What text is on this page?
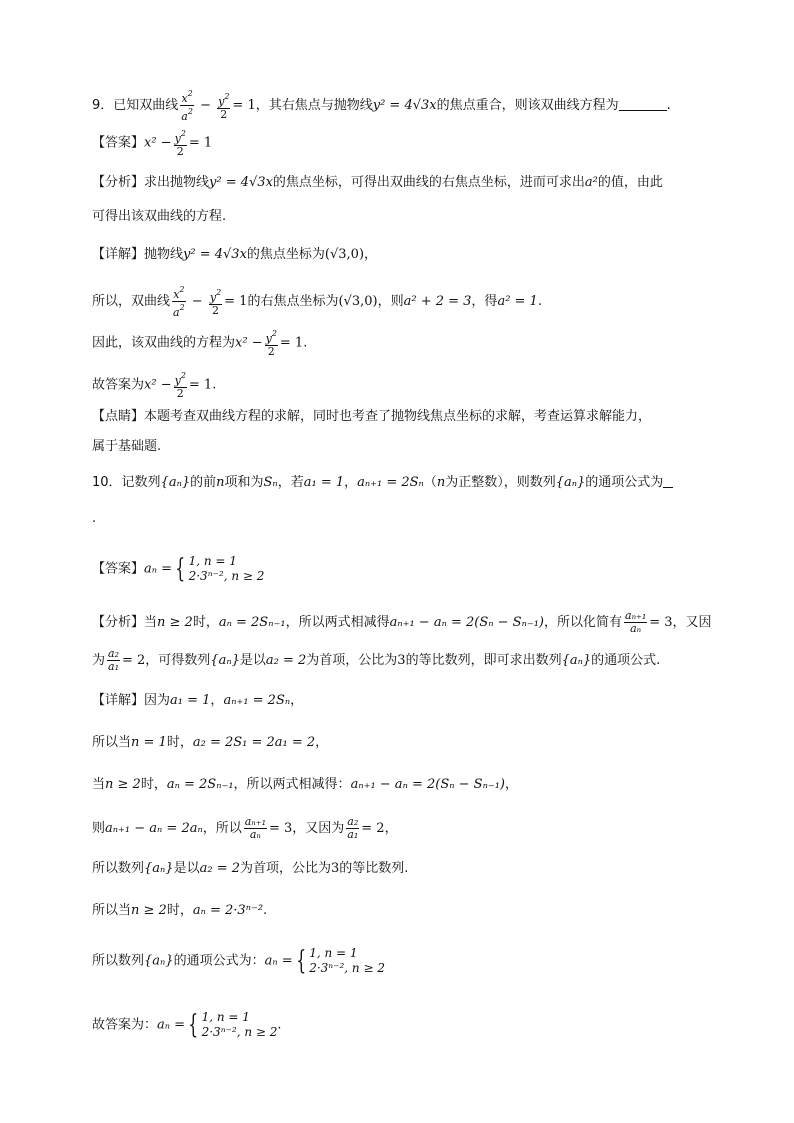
9．已知双曲线 $\frac{x^2}{a^2} - \frac{y^2}{2} = 1$，其右焦点与抛物线y² = 4√3x的焦点重合，则该双曲线方程为	.
【答案】$x^2 - \frac{y^2}{2} = 1$
【分析】求出抛物线y² = 4√3x的焦点坐标，可得出双曲线的右焦点坐标，进而可求出a²的值，由此
可得出该双曲线的方程.
【详解】抛物线y² = 4√3x的焦点坐标为(√3,0)，
所以，双曲线 $\frac{x^2}{a^2} - \frac{y^2}{2} = 1$的右焦点坐标为(√3,0)，则a² + 2 = 3，得a² = 1.
因此，该双曲线的方程为$x^2 - \frac{y^2}{2} = 1$.
故答案为$x^2 - \frac{y^2}{2} = 1$.
【点睛】本题考查双曲线方程的求解，同时也考查了抛物线焦点坐标的求解，考查运算求解能力，
属于基础题.
10．记数列{aₙ}的前n项和为Sₙ，若a₁ = 1，aₙ₊₁ = 2Sₙ（n为正整数），则数列{aₙ}的通项公式为
.
【答案】aₙ = { 1, n = 1
2·3ⁿ⁻², n ≥ 2
【分析】当n ≥ 2时，aₙ = 2Sₙ₋₁，所以两式相减得aₙ₊₁ − aₙ = 2(Sₙ − Sₙ₋₁)，所以化简有 $\frac{\text{aₙ₊₁}}{\text{aₙ}} = 3$，又因
为 $\frac{\text{a₂}}{\text{a₁}} = 2$，可得数列{aₙ}是以a₂ = 2为首项，公比为3的等比数列，即可求出数列{aₙ}的通项公式.
【详解】因为a₁ = 1，aₙ₊₁ = 2Sₙ，
所以当n = 1时，a₂ = 2S₁ = 2a₁ = 2，
当n ≥ 2时，aₙ = 2Sₙ₋₁，所以两式相减得：aₙ₊₁ − aₙ = 2(Sₙ − Sₙ₋₁)，
则aₙ₊₁ − aₙ = 2aₙ，所以 $\frac{\text{aₙ₊₁}}{\text{aₙ}} = 3$，又因为 $\frac{\text{a₂}}{\text{a₁}} = 2$，
所以数列{aₙ}是以a₂ = 2为首项，公比为3的等比数列.
所以当n ≥ 2时，aₙ = 2·3ⁿ⁻².
所以数列{aₙ}的通项公式为：aₙ = { 1, n = 1
2·3ⁿ⁻², n ≥ 2
故答案为：aₙ = { 1, n = 1
2·3ⁿ⁻², n ≥ 2 .
